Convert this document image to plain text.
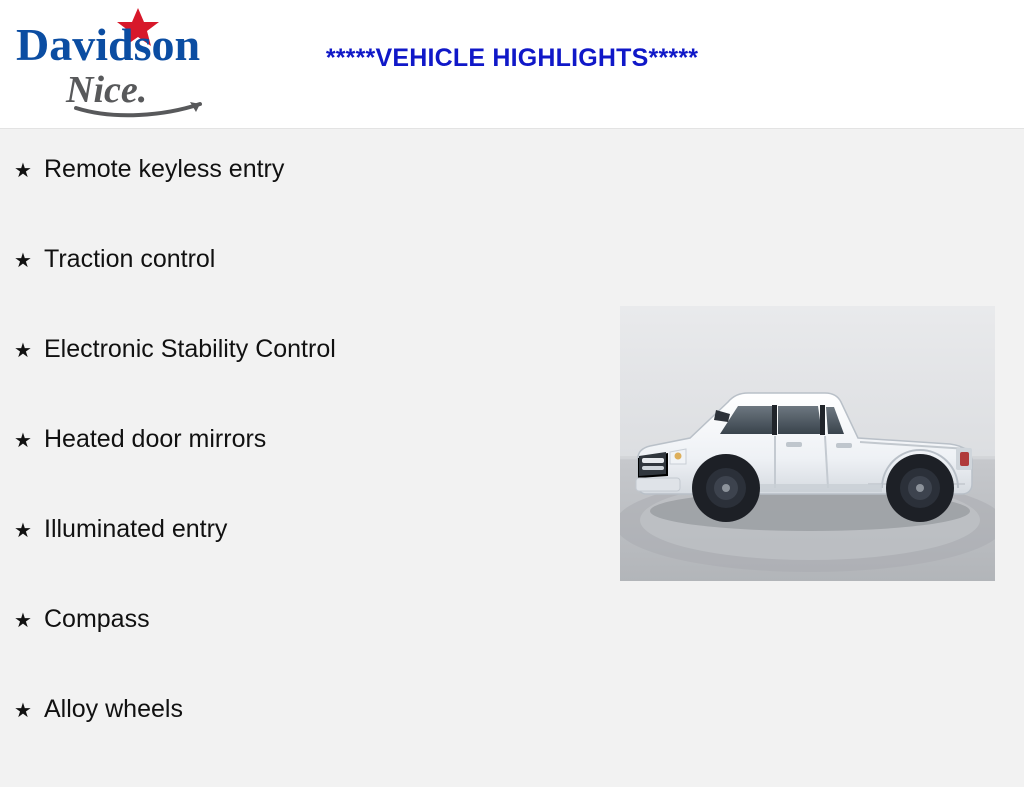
Davidson
Nice.
*****VEHICLE HIGHLIGHTS*****
★ Remote keyless entry
★ Traction control
★ Electronic Stability Control
★ Heated door mirrors
★ Illuminated entry
★ Compass
★ Alloy wheels
